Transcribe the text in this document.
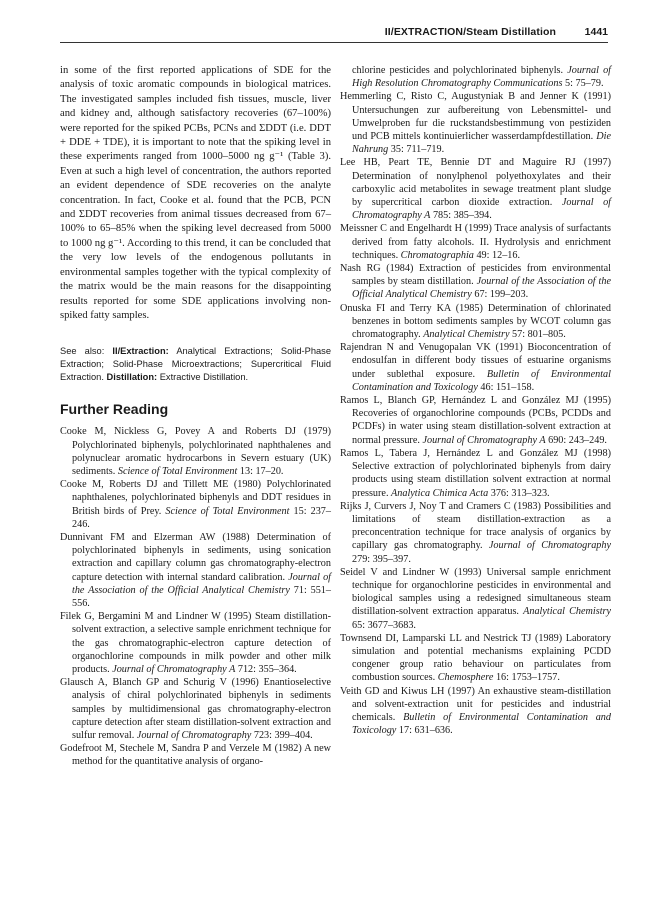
II/EXTRACTION/Steam Distillation	1441

in some of the first reported applications of SDE for the analysis of toxic aromatic compounds in biological matrices. The investigated samples included fish tissues, muscle, liver and kidney and, although satisfactory recoveries (67–100%) were reported for the spiked PCBs, PCNs and ΣDDT (i.e. DDT + DDE + TDE), it is important to note that the spiking level in these experiments ranged from 1000–5000 ng g⁻¹ (Table 3). Even at such a high level of concentration, the authors reported an evident dependence of SDE recoveries on the analyte concentration. In fact, Cooke et al. found that the PCB, PCN and ΣDDT recoveries from animal tissues decreased from 67–100% to 65–85% when the spiking level decreased from 5000 to 1000 ng g⁻¹. According to this trend, it can be concluded that the very low levels of the endogenous pollutants in environmental samples together with the typical complexity of the matrix would be the main reasons for the disappointing results reported for some SDE applications involving non-spiked fatty samples.

See also: II/Extraction: Analytical Extractions; Solid-Phase Extraction; Solid-Phase Microextractions; Supercritical Fluid Extraction. Distillation: Extractive Distillation.
Further Reading

Cooke M, Nickless G, Povey A and Roberts DJ (1979) Polychlorinated biphenyls, polychlorinated naphthalenes and polynuclear aromatic hydrocarbons in Severn estuary (UK) sediments. Science of Total Environment 13: 17–20.

Cooke M, Roberts DJ and Tillett ME (1980) Polychlorinated naphthalenes, polychlorinated biphenyls and DDT residues in British birds of Prey. Science of Total Environment 15: 237–246.

Dunnivant FM and Elzerman AW (1988) Determination of polychlorinated biphenyls in sediments, using sonication extraction and capillary column gas chromatography-electron capture detection with internal standard calibration. Journal of the Association of the Official Analytical Chemistry 71: 551–556.

Filek G, Bergamini M and Lindner W (1995) Steam distillation-solvent extraction, a selective sample enrichment technique for the gas chromatographic-electron capture detection of organochlorine compounds in milk powder and other milk products. Journal of Chromatography A 712: 355–364.

Glausch A, Blanch GP and Schurig V (1996) Enantioselective analysis of chiral polychlorinated biphenyls in sediments samples by multidimensional gas chromatography-electron capture detection after steam distillation-solvent extraction and sulfur removal. Journal of Chromatography 723: 399–404.

Godefroot M, Stechele M, Sandra P and Verzele M (1982) A new method for the quantitative analysis of organo-

chlorine pesticides and polychlorinated biphenyls. Journal of High Resolution Chromatography Communications 5: 75–79.

Hemmerling C, Risto C, Augustyniak B and Jenner K (1991) Untersuchungen zur aufbereitung von Lebensmittel- und Umwelproben fur die ruckstandsbestimmung von pestiziden und PCB mittels kontinuierlicher wasserdampfdestillation. Die Nahrung 35: 711–719.

Lee HB, Peart TE, Bennie DT and Maguire RJ (1997) Determination of nonylphenol polyethoxylates and their carboxylic acid metabolites in sewage treatment plant sludge by supercritical carbon dioxide extraction. Journal of Chromatography A 785: 385–394.

Meissner C and Engelhardt H (1999) Trace analysis of surfactants derived from fatty alcohols. II. Hydrolysis and enrichment techniques. Chromatographia 49: 12–16.

Nash RG (1984) Extraction of pesticides from environmental samples by steam distillation. Journal of the Association of the Official Analytical Chemistry 67: 199–203.

Onuska FI and Terry KA (1985) Determination of chlorinated benzenes in bottom sediments samples by WCOT column gas chromatography. Analytical Chemistry 57: 801–805.

Rajendran N and Venugopalan VK (1991) Bioconcentration of endosulfan in different body tissues of estuarine organisms under sublethal exposure. Bulletin of Environmental Contamination and Toxicology 46: 151–158.

Ramos L, Blanch GP, Hernández L and González MJ (1995) Recoveries of organochlorine compounds (PCBs, PCDDs and PCDFs) in water using steam distillation-solvent extraction at normal pressure. Journal of Chromatography A 690: 243–249.

Ramos L, Tabera J, Hernández L and González MJ (1998) Selective extraction of polychlorinated biphenyls from dairy products using steam distillation solvent extraction at normal pressure. Analytica Chimica Acta 376: 313–323.

Rijks J, Curvers J, Noy T and Cramers C (1983) Possibilities and limitations of steam distillation-extraction as a preconcentration technique for trace analysis of organics by capillary gas chromatography. Journal of Chromatography 279: 395–397.

Seidel V and Lindner W (1993) Universal sample enrichment technique for organochlorine pesticides in environmental and biological samples using a redesigned simultaneous steam distillation-solvent extraction apparatus. Analytical Chemistry 65: 3677–3683.

Townsend DI, Lamparski LL and Nestrick TJ (1989) Laboratory simulation and potential mechanisms explaining PCDD congener group ratio behaviour on particulates from combustion sources. Chemosphere 16: 1753–1757.

Veith GD and Kiwus LH (1997) An exhaustive steam-distillation and solvent-extraction unit for pesticides and industrial chemicals. Bulletin of Environmental Contamination and Toxicology 17: 631–636.
